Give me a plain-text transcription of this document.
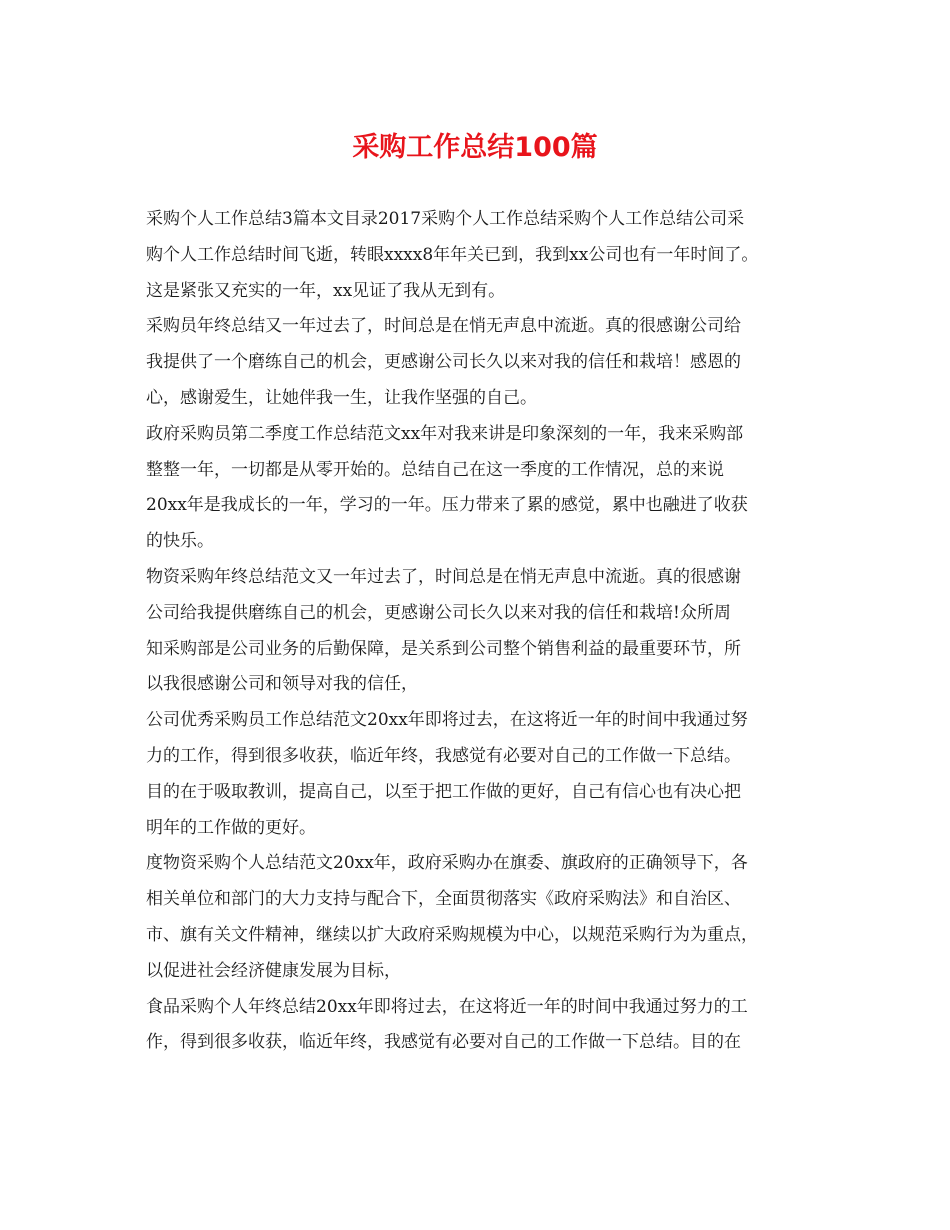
采购工作总结100篇
采购个人工作总结3篇本文目录2017采购个人工作总结采购个人工作总结公司采
购个人工作总结时间飞逝，转眼xxxx8年年关已到，我到xx公司也有一年时间了。
这是紧张又充实的一年，xx见证了我从无到有。
采购员年终总结又一年过去了，时间总是在悄无声息中流逝。真的很感谢公司给
我提供了一个磨练自己的机会，更感谢公司长久以来对我的信任和栽培！感恩的
心，感谢爱生，让她伴我一生，让我作坚强的自己。
政府采购员第二季度工作总结范文xx年对我来讲是印象深刻的一年，我来采购部
整整一年，一切都是从零开始的。总结自己在这一季度的工作情况，总的来说
20xx年是我成长的一年，学习的一年。压力带来了累的感觉，累中也融进了收获
的快乐。
物资采购年终总结范文又一年过去了，时间总是在悄无声息中流逝。真的很感谢
公司给我提供磨练自己的机会，更感谢公司长久以来对我的信任和栽培!众所周
知采购部是公司业务的后勤保障，是关系到公司整个销售利益的最重要环节，所
以我很感谢公司和领导对我的信任，
公司优秀采购员工作总结范文20xx年即将过去，在这将近一年的时间中我通过努
力的工作，得到很多收获，临近年终，我感觉有必要对自己的工作做一下总结。
目的在于吸取教训，提高自己，以至于把工作做的更好，自己有信心也有决心把
明年的工作做的更好。
度物资采购个人总结范文20xx年，政府采购办在旗委、旗政府的正确领导下，各
相关单位和部门的大力支持与配合下，全面贯彻落实《政府采购法》和自治区、
市、旗有关文件精神，继续以扩大政府采购规模为中心，以规范采购行为为重点，
以促进社会经济健康发展为目标，
食品采购个人年终总结20xx年即将过去，在这将近一年的时间中我通过努力的工
作，得到很多收获，临近年终，我感觉有必要对自己的工作做一下总结。目的在
